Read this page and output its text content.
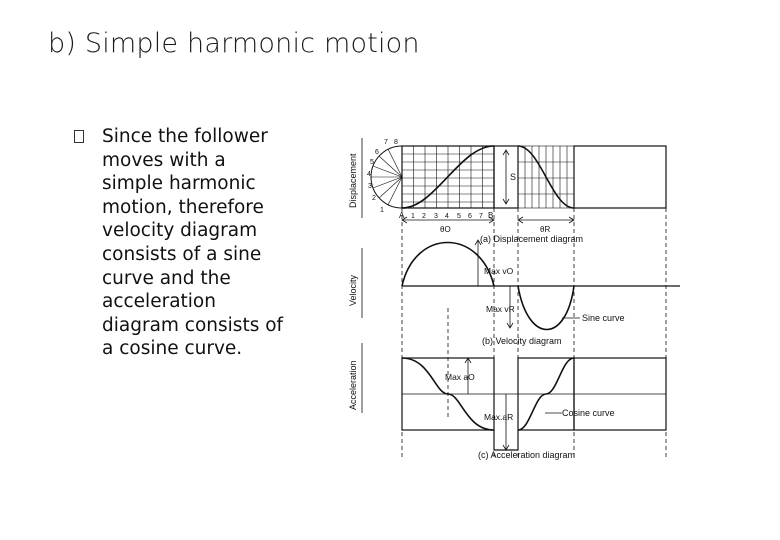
b) Simple harmonic motion
Since the follower moves with a simple harmonic motion, therefore velocity diagram consists of a sine curve and the acceleration diagram consists of a cosine curve.
Displacement
Velocity
Acceleration
8
7
6
5
4
3
2
1
A	B
1 2 3 4 5 6 7
S
θO	θR
(a) Displacement diagram
Max vO
Max vR
Sine curve
(b) Velocity diagram
Max aO
Max.aR	Cosine curve
(c) Acceleration diagram
